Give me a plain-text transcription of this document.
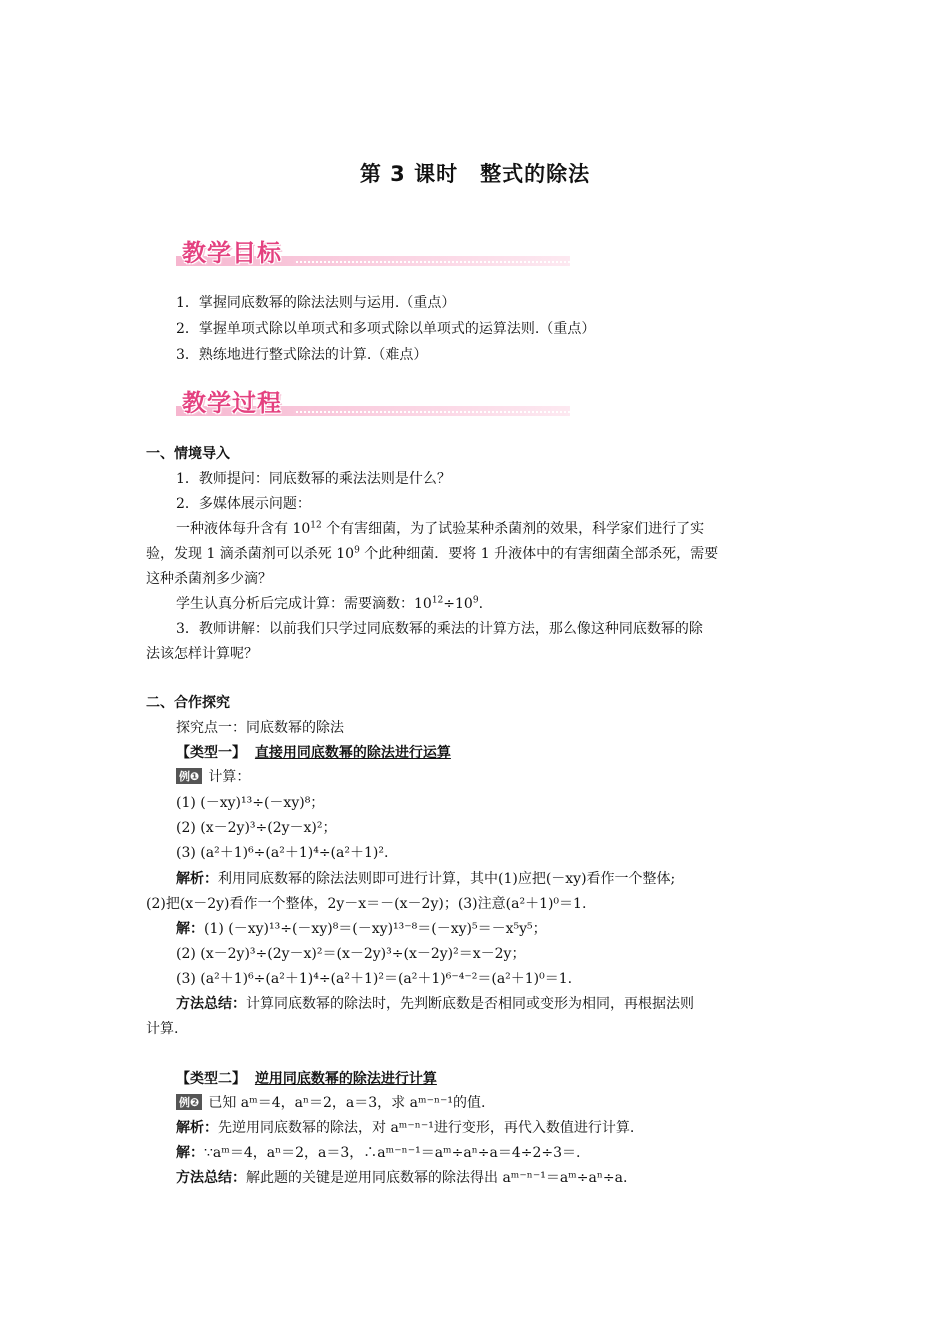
第 3 课时　整式的除法
教学目标
1．掌握同底数幂的除法法则与运用.（重点）
2．掌握单项式除以单项式和多项式除以单项式的运算法则.（重点）
3．熟练地进行整式除法的计算.（难点）
教学过程
一、情境导入
1．教师提问：同底数幂的乘法法则是什么？
2．多媒体展示问题：
一种液体每升含有 $10^{12}$ 个有害细菌，为了试验某种杀菌剂的效果，科学家们进行了实
验，发现 1 滴杀菌剂可以杀死 $10^9$ 个此种细菌．要将 1 升液体中的有害细菌全部杀死，需要
这种杀菌剂多少滴？
学生认真分析后完成计算：需要滴数：$10^{12}\div 10^9$.
3．教师讲解：以前我们只学过同底数幂的乘法的计算方法，那么像这种同底数幂的除
法该怎样计算呢？
二、合作探究
探究点一：同底数幂的除法
【类型一】 直接用同底数幂的除法进行运算
例❶ 计算：
(1) (－xy)¹³÷(－xy)⁸；
(2) (x－2y)³÷(2y－x)²；
(3) (a²＋1)⁶÷(a²＋1)⁴÷(a²＋1)².
解析：利用同底数幂的除法法则即可进行计算，其中(1)应把(－xy)看作一个整体;
(2)把(x－2y)看作一个整体，2y－x＝－(x－2y)；(3)注意(a²＋1)⁰＝1.
解：(1) (－xy)¹³÷(－xy)⁸＝(－xy)¹³⁻⁸＝(－xy)⁵＝－x⁵y⁵；
(2) (x－2y)³÷(2y－x)²＝(x－2y)³÷(x－2y)²＝x－2y；
(3) (a²＋1)⁶÷(a²＋1)⁴÷(a²＋1)²＝(a²＋1)⁶⁻⁴⁻²＝(a²＋1)⁰＝1.
方法总结：计算同底数幂的除法时，先判断底数是否相同或变形为相同，再根据法则
计算.
【类型二】 逆用同底数幂的除法进行计算
例❷ 已知 aᵐ＝4，aⁿ＝2，a＝3，求 aᵐ⁻ⁿ⁻¹的值.
解析：先逆用同底数幂的除法，对 aᵐ⁻ⁿ⁻¹进行变形，再代入数值进行计算.
解：∵aᵐ＝4，aⁿ＝2，a＝3，∴aᵐ⁻ⁿ⁻¹＝aᵐ÷aⁿ÷a＝4÷2÷3＝.
方法总结：解此题的关键是逆用同底数幂的除法得出 aᵐ⁻ⁿ⁻¹＝aᵐ÷aⁿ÷a.
